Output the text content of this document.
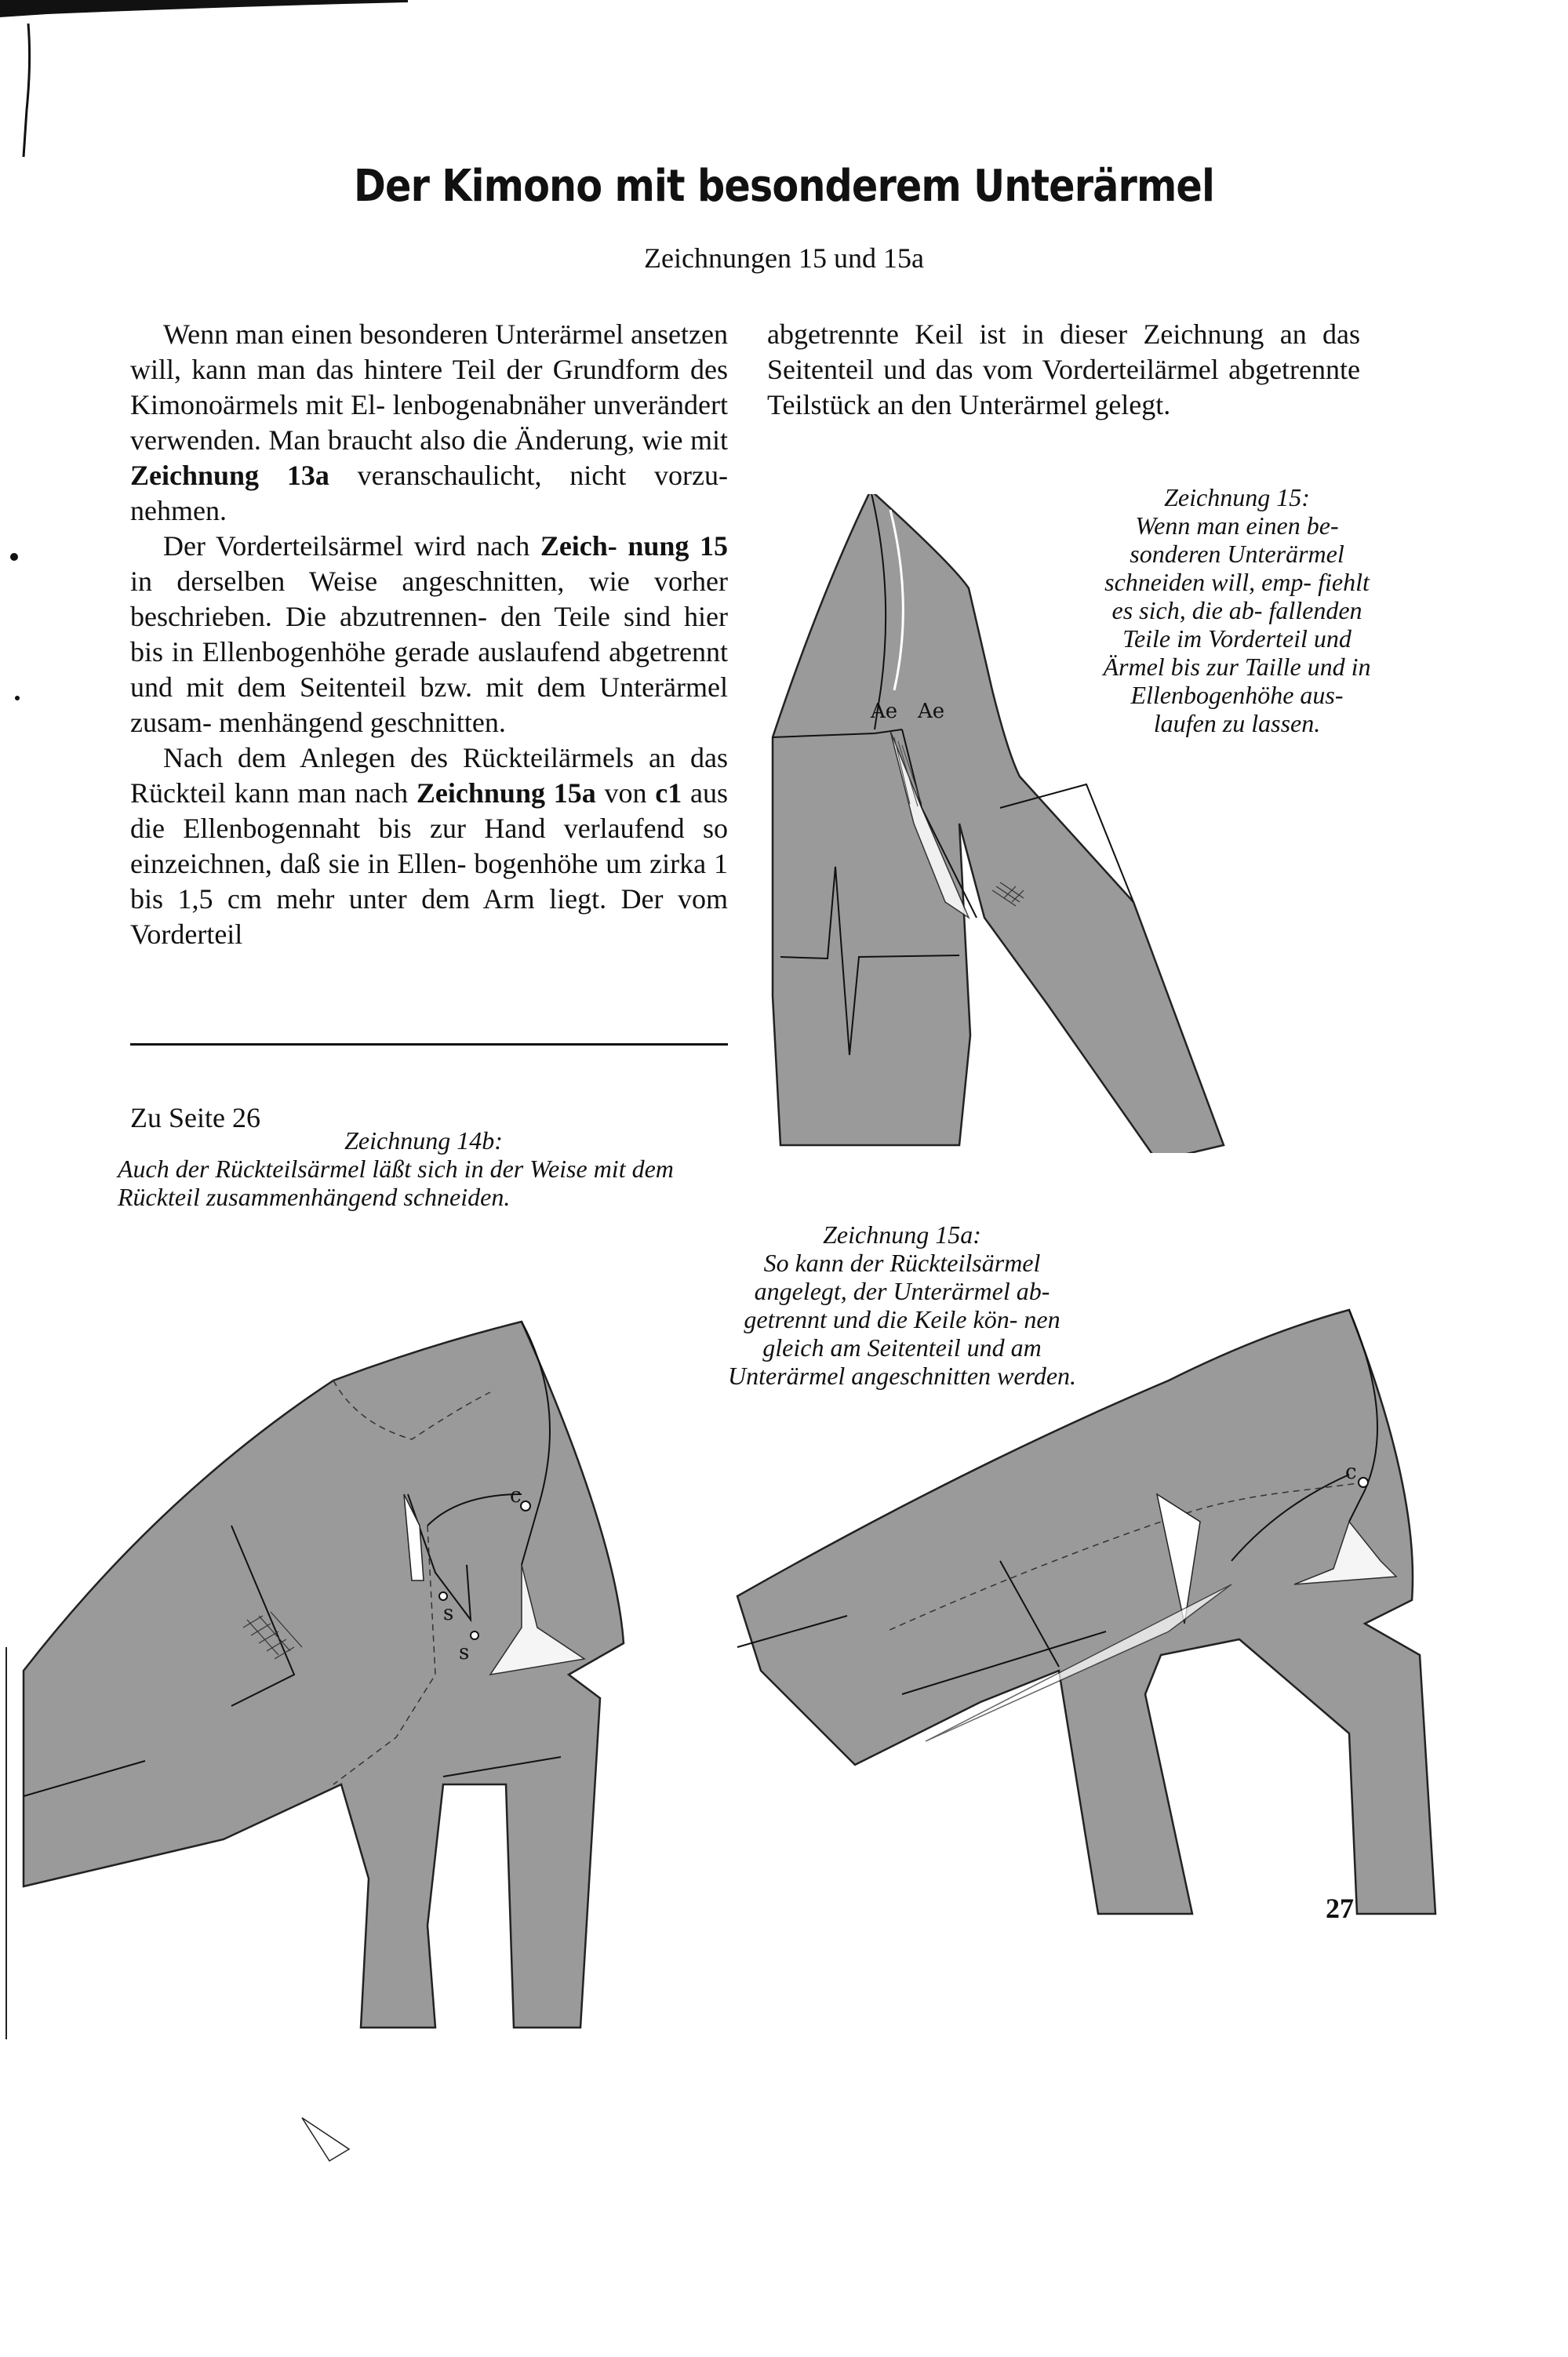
Der Kimono mit besonderem Unterärmel
Zeichnungen 15 und 15a

Wenn man einen besonderen Unterärmel ansetzen will, kann man das hintere Teil der Grundform des Kimonoärmels mit El- lenbogenabnäher unverändert verwenden. Man braucht also die Änderung, wie mit Zeichnung 13a veranschaulicht, nicht vorzu- nehmen.

Der Vorderteilsärmel wird nach Zeich- nung 15 in derselben Weise angeschnitten, wie vorher beschrieben. Die abzutrennen- den Teile sind hier bis in Ellenbogenhöhe gerade auslaufend abgetrennt und mit dem Seitenteil bzw. mit dem Unterärmel zusam- menhängend geschnitten.

Nach dem Anlegen des Rückteilärmels an das Rückteil kann man nach Zeichnung 15a von c1 aus die Ellenbogennaht bis zur Hand verlaufend so einzeichnen, daß sie in Ellen- bogenhöhe um zirka 1 bis 1,5 cm mehr unter dem Arm liegt. Der vom Vorderteil

abgetrennte Keil ist in dieser Zeichnung an das Seitenteil und das vom Vorderteilärmel abgetrennte Teilstück an den Unterärmel gelegt.

Ae Ae
Zeichnung 15:
Wenn man einen be- sonderen Unterärmel schneiden will, emp- fiehlt es sich, die ab- fallenden Teile im Vorderteil und Ärmel bis zur Taille und in Ellenbogenhöhe aus- laufen zu lassen.
Zu Seite 26
Zeichnung 14b:
Auch der Rückteilsärmel läßt sich in der Weise mit dem Rückteil zusammenhängend schneiden.
c
s
s
Zeichnung 15a:
So kann der Rückteilsärmel angelegt, der Unterärmel ab- getrennt und die Keile kön- nen gleich am Seitenteil und am Unterärmel angeschnitten werden.
c
27
